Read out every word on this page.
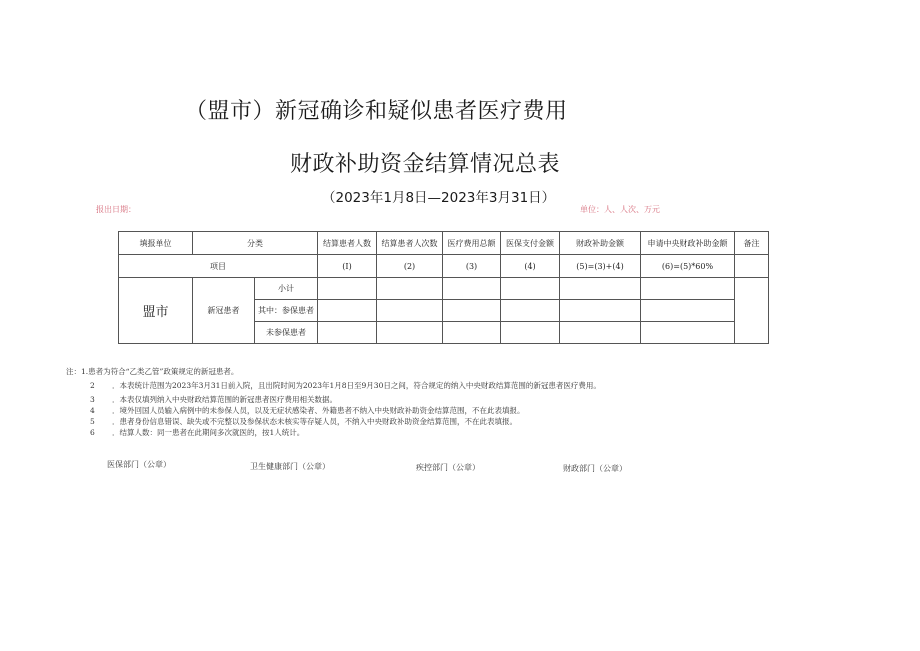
（盟市）新冠确诊和疑似患者医疗费用
财政补助资金结算情况总表
（2023年1月8日—2023年3月31日）
报出日期：	单位：人、人次、万元
填报单位	分类		结算患者人数	结算患者人次数	医疗费用总额	医保支付金额	财政补助金额	申请中央财政补助金额	备注
项目			(I)	(2)	(3)	(4)	(5)=(3)+(4)	(6)=(5)*60%	
盟市	新冠患者	小计							
		其中：参保患者							
		未参保患者							
注：1.患者为符合“乙类乙管”政策规定的新冠患者。
2 ．本表统计范围为2023年3月31日前入院，且出院时间为2023年1月8日至9月30日之间，符合规定的纳入中央财政结算范围的新冠患者医疗费用。
3 ．本表仅填列纳入中央财政结算范围的新冠患者医疗费用相关数据。
4 ．境外回国人员输入病例中的未参保人员，以及无症状感染者、外籍患者不纳入中央财政补助资金结算范围，不在此表填报。
5 ．患者身份信息错误、缺失或不完整以及参保状态未核实等存疑人员，不纳入中央财政补助资金结算范围，不在此表填报。
6 ．结算人数：同一患者在此期间多次就医的，按1人统计。
医保部门（公章）	卫生健康部门（公章）	疾控部门（公章）	财政部门（公章）
